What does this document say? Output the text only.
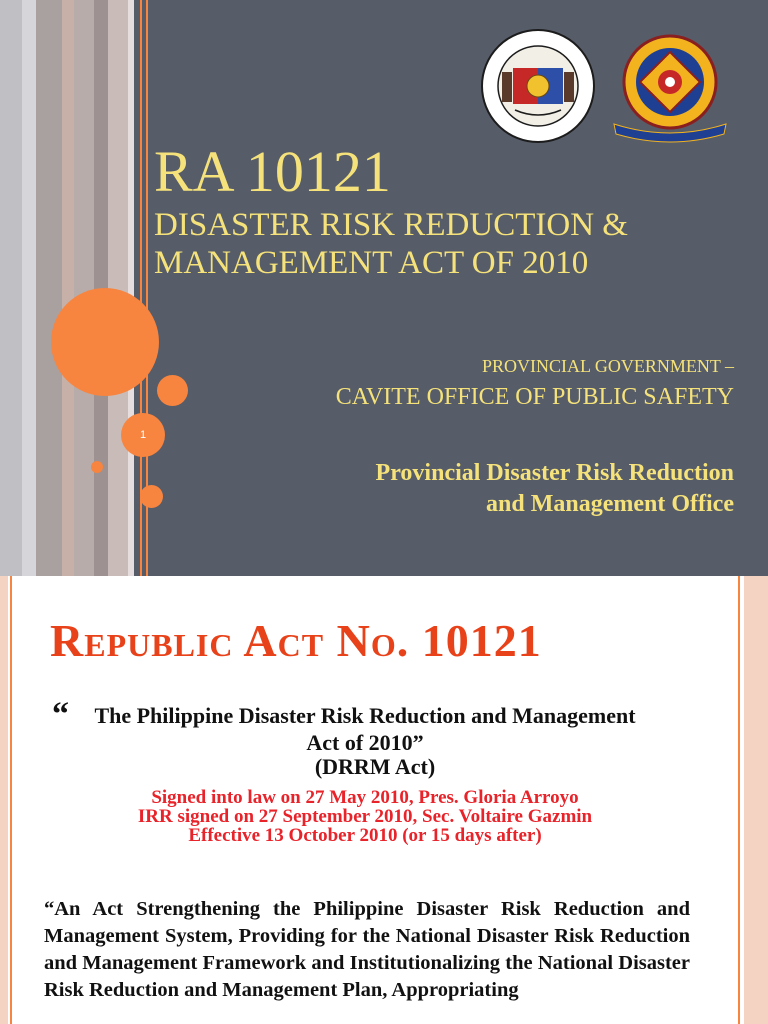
1
RA 10121
DISASTER RISK REDUCTION &
MANAGEMENT ACT OF 2010
PROVINCIAL GOVERNMENT –
CAVITE OFFICE OF PUBLIC SAFETY
Provincial Disaster Risk Reduction
and Management Office
Republic Act No. 10121
“	The Philippine Disaster Risk Reduction and Management Act of 2010”
(DRRM Act)
Signed into law on 27 May 2010, Pres. Gloria Arroyo
IRR signed on 27 September 2010, Sec. Voltaire Gazmin
Effective 13 October 2010 (or 15 days after)
“An Act Strengthening the Philippine Disaster Risk Reduction and Management System, Providing for the National Disaster Risk Reduction and Management Framework and Institutionalizing the National Disaster Risk Reduction and Management Plan, Appropriating
